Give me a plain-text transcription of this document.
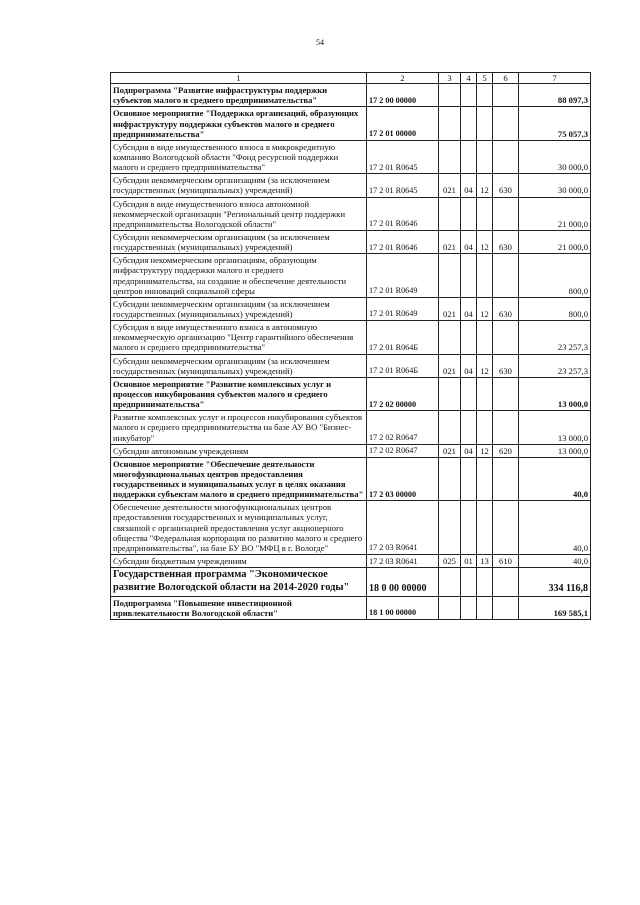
54
1	2	3	4	5	6	7
Подпрограмма "Развитие инфраструктуры поддержки субъектов малого и среднего предпринимательства"	17 2 00 00000					88 097,3
Основное мероприятие "Поддержка организаций, образующих инфраструктуру поддержки субъектов малого и среднего предпринимательства"	17 2 01 00000					75 057,3
Субсидия в виде имущественного взноса в микрокредитную компанию Вологодской области "Фонд ресурсной поддержки малого и среднего предпринимательства"	17 2 01 R0645					30 000,0
Субсидии некоммерческим организациям (за исключением государственных (муниципальных) учреждений)	17 2 01 R0645	021	04	12	630	30 000,0
Субсидия в виде имущественного взноса автономной некоммерческой организации "Региональный центр поддержки предпринимательства Вологодской области"	17 2 01 R0646					21 000,0
Субсидии некоммерческим организациям (за исключением государственных (муниципальных) учреждений)	17 2 01 R0646	021	04	12	630	21 000,0
Субсидия некоммерческим организациям, образующим инфраструктуру поддержки малого и среднего предпринимательства, на создание и обеспечение деятельности центров инноваций социальной сферы	17 2 01 R0649					800,0
Субсидии некоммерческим организациям (за исключением государственных (муниципальных) учреждений)	17 2 01 R0649	021	04	12	630	800,0
Субсидия в виде имущественного взноса в автономную некоммерческую организацию "Центр гарантийного обеспечения малого и среднего предпринимательства"	17 2 01 R064Б					23 257,3
Субсидии некоммерческим организациям (за исключением государственных (муниципальных) учреждений)	17 2 01 R064Б	021	04	12	630	23 257,3
Основное мероприятие "Развитие комплексных услуг и процессов инкубирования субъектов малого и среднего предпринимательства"	17 2 02 00000					13 000,0
Развитие комплексных услуг и процессов инкубирования субъектов малого и среднего предпринимательства на базе АУ ВО "Бизнес-инкубатор"	17 2 02 R0647					13 000,0
Субсидии автономным учреждениям	17 2 02 R0647	021	04	12	620	13 000,0
Основное мероприятие "Обеспечение деятельности многофункциональных центров предоставления государственных и муниципальных услуг в целях оказания поддержки субъектам малого и среднего предпринимательства"	17 2 03 00000					40,0
Обеспечение деятельности многофункциональных центров предоставления государственных и муниципальных услуг, связанной с организацией предоставления услуг акционерного общества "Федеральная корпорация по развитию малого и среднего предпринимательства", на базе БУ ВО "МФЦ в г. Вологде"	17 2 03 R0641					40,0
Субсидии бюджетным учреждениям	17 2 03 R0641	025	01	13	610	40,0
Государственная программа "Экономическое развитие Вологодской области на 2014-2020 годы"	18 0 00 00000					334 116,8
Подпрограмма "Повышение инвестиционной привлекательности Вологодской области"	18 1 00 00000					169 585,1
